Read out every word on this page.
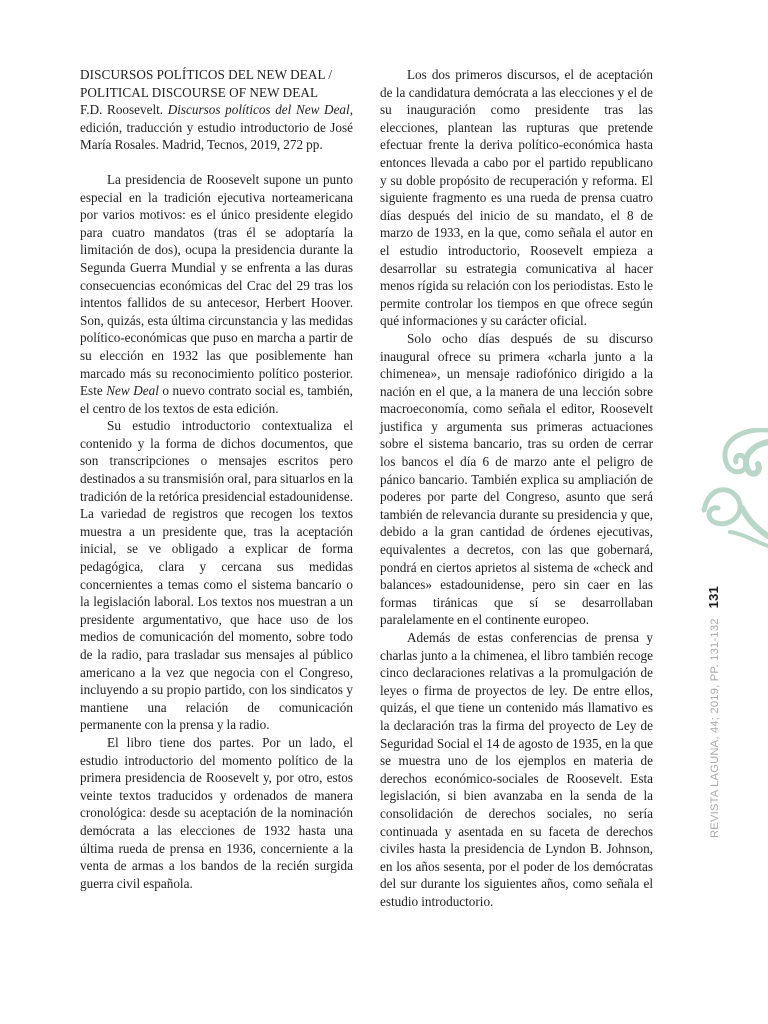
DISCURSOS POLÍTICOS DEL NEW DEAL /
POLITICAL DISCOURSE OF NEW DEAL
F.D. Roosevelt. Discursos políticos del New Deal, edición, traducción y estudio introductorio de José María Rosales. Madrid, Tecnos, 2019, 272 pp.

La presidencia de Roosevelt supone un punto especial en la tradición ejecutiva norteamericana por varios motivos: es el único presidente elegido para cuatro mandatos (tras él se adoptaría la limitación de dos), ocupa la presidencia durante la Segunda Guerra Mundial y se enfrenta a las duras consecuencias económicas del Crac del 29 tras los intentos fallidos de su antecesor, Herbert Hoover. Son, quizás, esta última circunstancia y las medidas político-económicas que puso en marcha a partir de su elección en 1932 las que posiblemente han marcado más su reconocimiento político posterior. Este New Deal o nuevo contrato social es, también, el centro de los textos de esta edición.

Su estudio introductorio contextualiza el contenido y la forma de dichos documentos, que son transcripciones o mensajes escritos pero destinados a su transmisión oral, para situarlos en la tradición de la retórica presidencial estadounidense. La variedad de registros que recogen los textos muestra a un presidente que, tras la aceptación inicial, se ve obligado a explicar de forma pedagógica, clara y cercana sus medidas concernientes a temas como el sistema bancario o la legislación laboral. Los textos nos muestran a un presidente argumentativo, que hace uso de los medios de comunicación del momento, sobre todo de la radio, para trasladar sus mensajes al público americano a la vez que negocia con el Congreso, incluyendo a su propio partido, con los sindicatos y mantiene una relación de comunicación permanente con la prensa y la radio.

El libro tiene dos partes. Por un lado, el estudio introductorio del momento político de la primera presidencia de Roosevelt y, por otro, estos veinte textos traducidos y ordenados de manera cronológica: desde su aceptación de la nominación demócrata a las elecciones de 1932 hasta una última rueda de prensa en 1936, concerniente a la venta de armas a los bandos de la recién surgida guerra civil española.

Los dos primeros discursos, el de aceptación de la candidatura demócrata a las elecciones y el de su inauguración como presidente tras las elecciones, plantean las rupturas que pretende efectuar frente la deriva político-económica hasta entonces llevada a cabo por el partido republicano y su doble propósito de recuperación y reforma. El siguiente fragmento es una rueda de prensa cuatro días después del inicio de su mandato, el 8 de marzo de 1933, en la que, como señala el autor en el estudio introductorio, Roosevelt empieza a desarrollar su estrategia comunicativa al hacer menos rígida su relación con los periodistas. Esto le permite controlar los tiempos en que ofrece según qué informaciones y su carácter oficial.

Solo ocho días después de su discurso inaugural ofrece su primera «charla junto a la chimenea», un mensaje radiofónico dirigido a la nación en el que, a la manera de una lección sobre macroeconomía, como señala el editor, Roosevelt justifica y argumenta sus primeras actuaciones sobre el sistema bancario, tras su orden de cerrar los bancos el día 6 de marzo ante el peligro de pánico bancario. También explica su ampliación de poderes por parte del Congreso, asunto que será también de relevancia durante su presidencia y que, debido a la gran cantidad de órdenes ejecutivas, equivalentes a decretos, con las que gobernará, pondrá en ciertos aprietos al sistema de «check and balances» estadounidense, pero sin caer en las formas tiránicas que sí se desarrollaban paralelamente en el continente europeo.

Además de estas conferencias de prensa y charlas junto a la chimenea, el libro también recoge cinco declaraciones relativas a la promulgación de leyes o firma de proyectos de ley. De entre ellos, quizás, el que tiene un contenido más llamativo es la declaración tras la firma del proyecto de Ley de Seguridad Social el 14 de agosto de 1935, en la que se muestra uno de los ejemplos en materia de derechos económico-sociales de Roosevelt. Esta legislación, si bien avanzaba en la senda de la consolidación de derechos sociales, no sería continuada y asentada en su faceta de derechos civiles hasta la presidencia de Lyndon B. Johnson, en los años sesenta, por el poder de los demócratas del sur durante los siguientes años, como señala el estudio introductorio.

REVISTA LAGUNA, 44; 2019, PP. 131-132131
